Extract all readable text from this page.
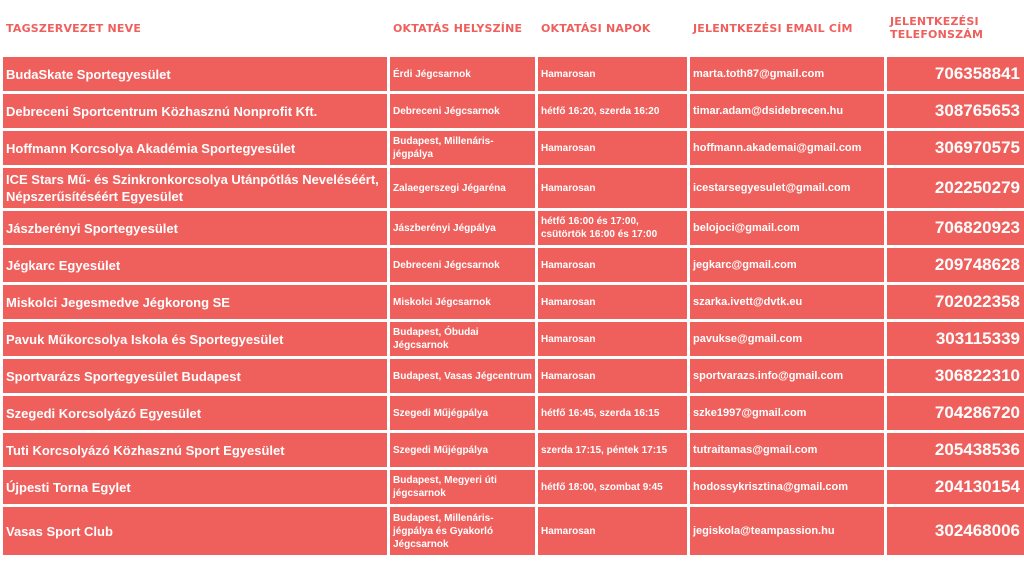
TAGSZERVEZET NEVE	OKTATÁS HELYSZÍNE	OKTATÁSI NAPOK	JELENTKEZÉSI EMAIL CÍM	JELENTKEZÉSI TELEFONSZÁM
BudaSkate Sportegyesület	Érdi Jégcsarnok	Hamarosan	marta.toth87@gmail.com	706358841
Debreceni Sportcentrum Közhasznú Nonprofit Kft.	Debreceni Jégcsarnok	hétfő 16:20, szerda 16:20	timar.adam@dsidebrecen.hu	308765653
Hoffmann Korcsolya Akadémia Sportegyesület	Budapest, Millenáris-jégpálya	Hamarosan	hoffmann.akademai@gmail.com	306970575
ICE Stars Mű- és Szinkronkorcsolya Utánpótlás Neveléséért, Népszerűsítéséért Egyesület	Zalaegerszegi Jégaréna	Hamarosan	icestarsegyesulet@gmail.com	202250279
Jászberényi Sportegyesület	Jászberényi Jégpálya	hétfő 16:00 és 17:00, csütörtök 16:00 és 17:00	belojoci@gmail.com	706820923
Jégkarc Egyesület	Debreceni Jégcsarnok	Hamarosan	jegkarc@gmail.com	209748628
Miskolci Jegesmedve Jégkorong SE	Miskolci Jégcsarnok	Hamarosan	szarka.ivett@dvtk.eu	702022358
Pavuk Műkorcsolya Iskola és Sportegyesület	Budapest, Óbudai Jégcsarnok	Hamarosan	pavukse@gmail.com	303115339
Sportvarázs Sportegyesület Budapest	Budapest, Vasas Jégcentrum	Hamarosan	sportvarazs.info@gmail.com	306822310
Szegedi Korcsolyázó Egyesület	Szegedi Műjégpálya	hétfő 16:45, szerda 16:15	szke1997@gmail.com	704286720
Tuti Korcsolyázó Közhasznú Sport Egyesület	Szegedi Műjégpálya	szerda 17:15, péntek 17:15	tutraitamas@gmail.com	205438536
Újpesti Torna Egylet	Budapest, Megyeri úti jégcsarnok	hétfő 18:00, szombat 9:45	hodossykrisztina@gmail.com	204130154
Vasas Sport Club	Budapest, Millenáris-jégpálya és Gyakorló Jégcsarnok	Hamarosan	jegiskola@teampassion.hu	302468006
